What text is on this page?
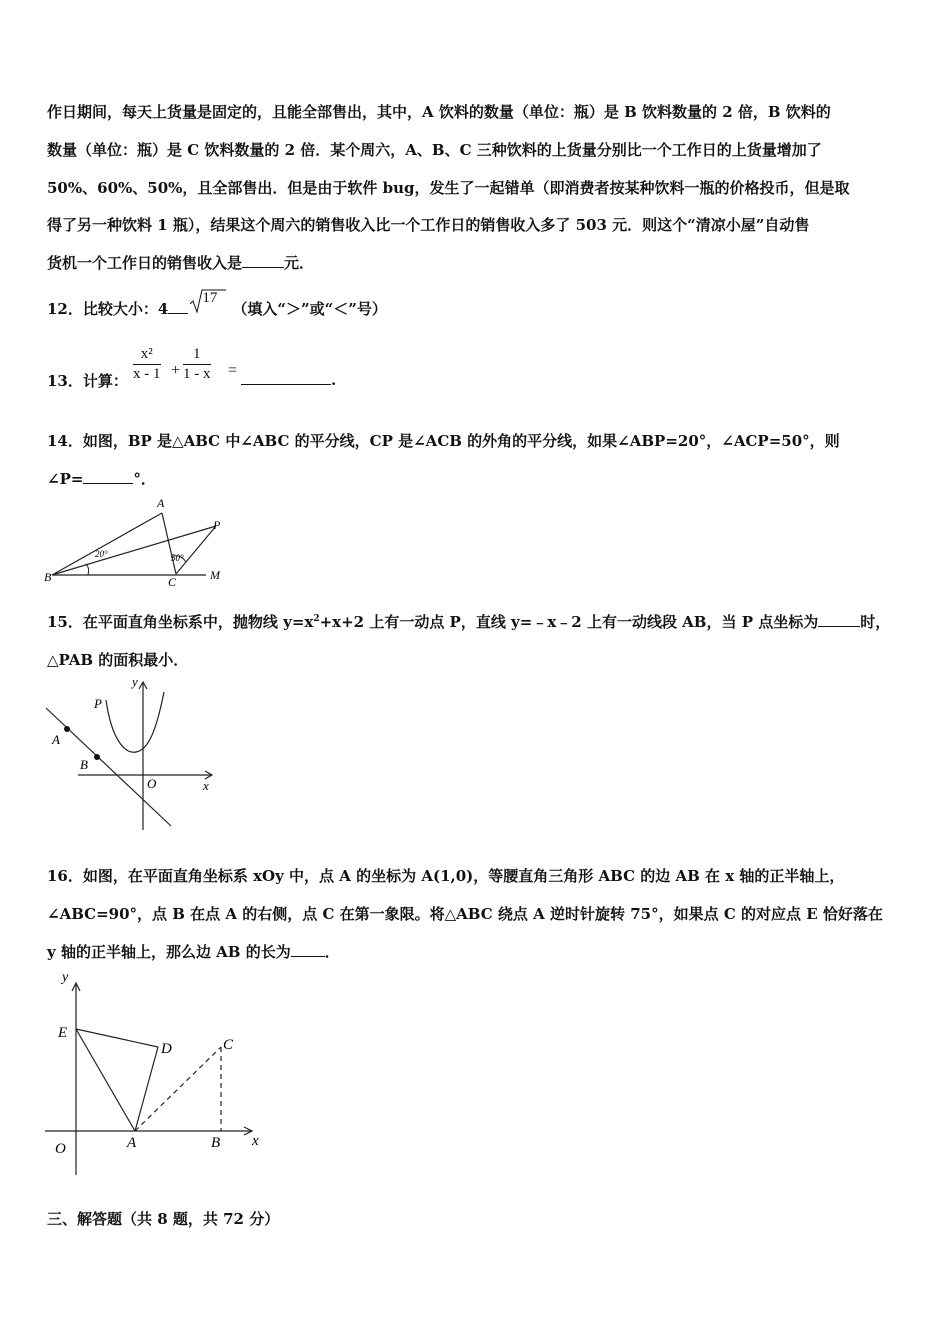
作日期间，每天上货量是固定的，且能全部售出，其中，A 饮料的数量（单位：瓶）是 B 饮料数量的 2 倍，B 饮料的
数量（单位：瓶）是 C 饮料数量的 2 倍．某个周六，A、B、C 三种饮料的上货量分别比一个工作日的上货量增加了
50%、60%、50%，且全部售出．但是由于软件 bug，发生了一起错单（即消费者按某种饮料一瓶的价格投币，但是取
得了另一种饮料 1 瓶），结果这个周六的销售收入比一个工作日的销售收入多了 503 元．则这个“清凉小屋”自动售
货机一个工作日的销售收入是	元．
12．比较大小：4
17
（填入“＞”或“＜”号）
13．计算： $\frac{\text{x²}}{x - 1} + \frac{1}{1 - x}$ =
.
14．如图，BP 是△ABC 中∠ABC 的平分线，CP 是∠ACB 的外角的平分线，如果∠ABP=20°，∠ACP=50°，则
∠P=	°．
A
P
B	C	M
20°	50°
15．在平面直角坐标系中，抛物线 $y=x^2+x+2$ 上有一动点 P，直线 y=﹣x﹣2 上有一动线段 AB，当 P 点坐标为	时，
△PAB 的面积最小．
y
P
A
B
O	x
16．如图，在平面直角坐标系 xOy 中，点 A 的坐标为 A(1,0)，等腰直角三角形 ABC 的边 AB 在 x 轴的正半轴上，
∠ABC=90°，点 B 在点 A 的右侧，点 C 在第一象限。将△ABC 绕点 A 逆时针旋转 75°，如果点 C 的对应点 E 恰好落在
y 轴的正半轴上，那么边 AB 的长为 ．
y
E
D	C
O	A	B x
三、解答题（共 8 题，共 72 分）
